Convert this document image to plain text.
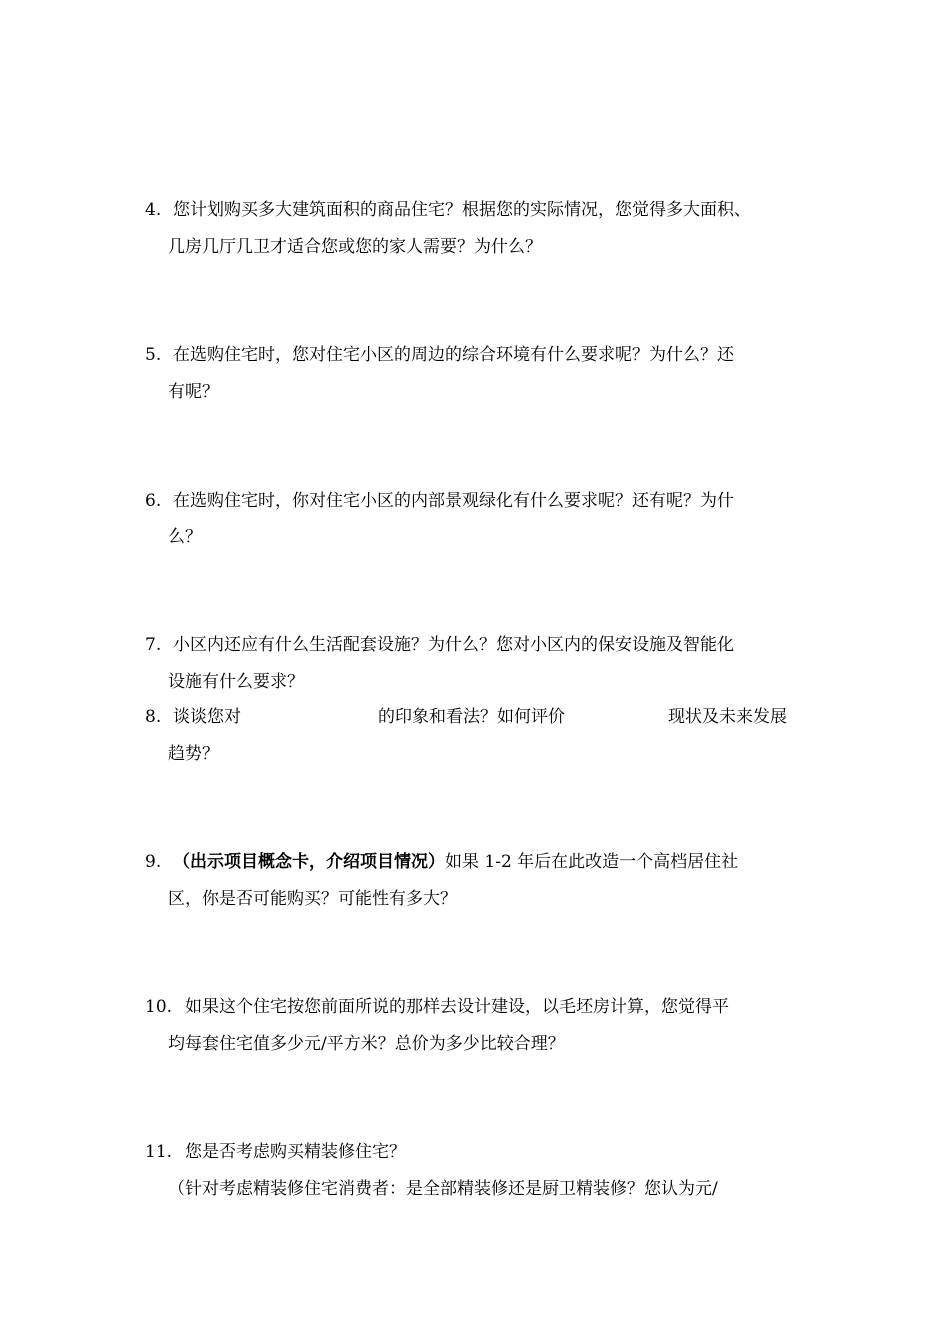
4. 您计划购买多大建筑面积的商品住宅？根据您的实际情况，您觉得多大面积、
几房几厅几卫才适合您或您的家人需要？为什么？
5. 在选购住宅时，您对住宅小区的周边的综合环境有什么要求呢？为什么？还
有呢？
6. 在选购住宅时，你对住宅小区的内部景观绿化有什么要求呢？还有呢？为什
么？
7. 小区内还应有什么生活配套设施？为什么？您对小区内的保安设施及智能化
设施有什么要求？
8. 谈谈您对	的印象和看法？如何评价	现状及未来发展
趋势？
9. （出示项目概念卡，介绍项目情况）如果 1-2 年后在此改造一个高档居住社
区，你是否可能购买？可能性有多大？
10. 如果这个住宅按您前面所说的那样去设计建设，以毛坯房计算，您觉得平
均每套住宅值多少元/平方米？总价为多少比较合理？
11. 您是否考虑购买精装修住宅？
（针对考虑精装修住宅消费者：是全部精装修还是厨卫精装修？您认为元/
